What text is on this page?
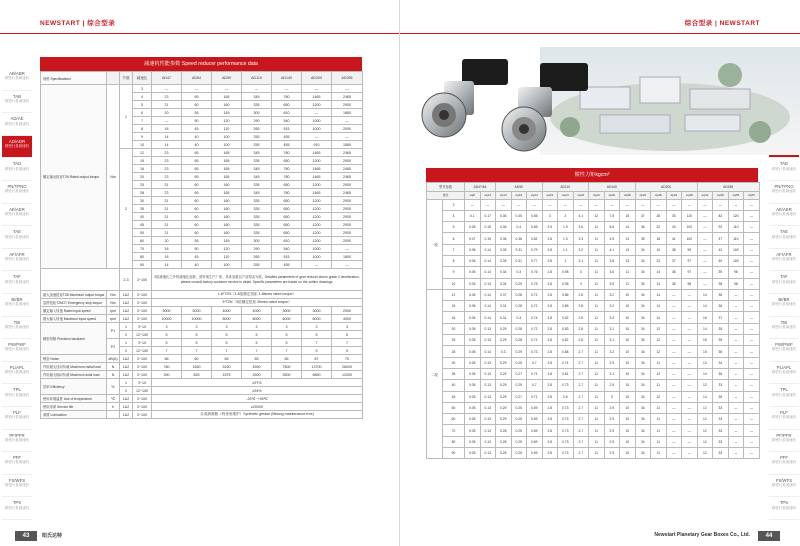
NEWSTART | 综合型录
AB/ABR
精密行星减速机
TAB
精密行星减速机
AD/AE
精密行星减速机
AD/ADR
精密行星减速机
TAD
精密行星减速机
PN/TPNO
精密行星减速机
AE/AER
精密行星减速机
TAE
精密行星减速机
AF/AFR
精密行星减速机
TAF
精密行星减速机
BI/BR
精密行星减速机
TBI
精密行星减速机
PW/PWF
精密行星减速机
PL/APL
精密行星减速机
TPL
精密行星减速机
PLF
精密行星减速机
PF/PFR
精密行星减速机
PFF
精密行星减速机
FS/WFS
精密行星减速机
TPS
精密行星减速机
减速机性能参数 Speed reducer performance data
规格 Specifications		节数	减速比	AD47	AD64	AD90	AD110	AD140	AD200	AD255
额定输出扭矩T2N Rated output torque	Nm	1	3	—	—	—	—	—	—	—
			4	23	65	165	345	780	1465	2465
			5	21	60	160	335	650	1200	2000
			6	20	55	145	300	610	—	1860
			7	—	50	120	290	540	1000	—
			8	18	45	110	265	515	1000	2000
			9	14	40	100	255	455	—	—
			10	14	40	100	255	455	910	1580
		2	12	23	65	165	345	780	1465	2465
			15	23	65	165	335	650	1200	2000
			16	23	65	165	345	780	1465	2465
			20	23	65	165	345	780	1465	2465
			25	21	60	160	335	650	1200	2000
			28	23	65	165	345	780	1465	2465
			30	21	60	160	335	650	1200	2000
			35	21	60	160	335	650	1200	2000
			40	21	60	160	335	650	1200	2000
			45	21	60	160	335	650	1200	2000
			50	21	60	160	335	650	1200	2000
			60	20	55	145	300	610	1200	2000
			70	18	50	120	290	540	1000	—
			80	18	45	110	265	515	1000	1800
			90	14	40	100	255	455	—	—
		2-3	3~100	3倍减速比之外的减速比参数，请咨询生产厂家。具体参数以产品型录为准。Detailed parameters of gear reducer above grade 3 deceleration, please consult factory customer service in detail. Specific parameters are based on the outline drawings.						
最大加速扭矩T2B Maximum output torque	Nm	1&2	3~100	1.8*T2N（1.8倍额定扭矩 1.8times rated torque）						
急停扭矩T2NOT Emergency stop torque	Nm	1&2	3~100	3*T2N（3倍额定扭矩 3times rated torque）						
额定输入转速 Rated input speed	rpm	1&2	3~100	5000	5000	4000	4000	3000	3000	2000
最大输入转速 Maximum input speed	rpm	1&2	3~100	10000	10000	8000	8000	6000	6000	4000
精密背隙 Precision backlash	P1	1	3~10	3	3	3	3	3	3	3
		2	12~100	5	5	5	5	5	5	5
	P2	1	3~10	5	5	5	5	5	7	7
		2	12~100	7	7	7	7	7	9	9
噪音 Noise	dB(A)	1&2	3~100	58	60	65	65	65	67	70
许用最大径向负载 Maximum radial load	N	1&2	3~100	780	1650	3150	4550	7800	13700	26000
许用最大轴向负载 Maximum axial load	N	1&2	3~100	390	825	1575	2500	3500	6850	12000
效率 Efficiency	%	1	3~10	≥97%						
		2	12~100	≥94%						
使用环境温度 Use of temperature	℃	1&2	3~100	-25℃~+90℃						
使用寿命 Service life	h	1&2	3~100	≥20000						
润滑 Lubrication		1&2	3~100	合成润滑脂（终身免维护）Synthetic grease (lifelong maintenance-free)						
43	纽氏达特
综合型录 | NEWSTART
TAD
精密行星减速机
PN/TPNO
精密行星减速机
AE/AER
精密行星减速机
TAE
精密行星减速机
AF/AFR
精密行星减速机
TAF
精密行星减速机
BI/BR
精密行星减速机
TBI
精密行星减速机
PW/PWF
精密行星减速机
PL/APL
精密行星减速机
TPL
精密行星减速机
PLF
精密行星减速机
PF/PFR
精密行星减速机
PFF
精密行星减速机
FS/WFS
精密行星减速机
TPS
精密行星减速机
惯性力矩kgcm²
型号参数		AD47/64		AD90			AD110			AD140			AD200				AD255			
速比		≤φ8	≤φ14	≤φ14	≤φ19	≤φ24	≤φ19	≤φ24	≤φ32	≤φ24	≤φ32	≤φ38	≤φ32	≤φ38	≤φ42	≤φ48	≤φ42	≤φ48	≤φ55	≤φ65
一段	3	—	—	—	—	—	—	—	—	—	—	—	—	—	—	—	—	—	—	—
	4	0.1	0.17	0.36	0.45	0.65	3	2	4.1	12	7.5	15	37	28	33	110	—	82	120	—
	5	0.08	0.15	0.36	0.4	0.65	2.9	1.9	3.6	11	5.6	14	36	22	44	100	—	92	110	—
	6	0.07	0.15	0.36	0.36	0.82	2.8	1.3	3.3	11	4.9	13	35	18	41	100	—	47	110	—
	7	0.06	0.14	0.35	0.31	0.79	2.8	1.1	3.2	11	4.1	13	34	10	38	99	—	42	100	—
	8	0.06	0.14	0.35	0.31	0.77	2.8	1	3.1	11	3.8	13	34	23	37	97	—	40	100	—
	9	0.06	0.14	0.34	0.3	0.76	2.8	0.98	3	11	3.6	11	34	14	36	97	—	39	98	—
	10	0.06	0.14	0.34	0.29	0.75	2.8	0.95	3	11	3.5	11	34	14	36	96	—	38	98	—
二段	12	0.06	0.14	0.37	0.28	0.72	2.8	0.86	2.8	11	3.2	10	34	14	—	—	14	36	—	—
	15	0.06	0.14	0.31	0.28	0.72	2.8	0.86	2.8	11	3.2	10	34	14	—	—	14	36	—	—
	16	0.06	0.14	0.31	0.3	0.74	2.8	0.92	2.8	11	3.3	10	34	14	—	—	16	37	—	—
	20	0.05	0.13	0.29	0.28	0.72	2.8	0.83	2.8	11	3.1	10	34	12	—	—	14	35	—	—
	25	0.05	0.13	0.29	0.28	0.71	2.8	0.82	2.8	11	3.1	10	34	12	—	—	15	35	—	—
	28	0.06	0.14	0.3	0.29	0.73	2.8	0.88	2.7	11	3.2	10	34	12	—	—	15	36	—	—
	30	0.05	0.13	0.29	0.25	0.7	2.8	0.74	2.7	11	2.9	10	34	11	—	—	13	34	—	—
	35	0.05	0.13	0.29	0.27	0.71	2.8	0.81	2.7	11	3.1	10	34	12	—	—	14	35	—	—
	40	0.05	0.13	0.29	0.25	0.7	2.8	0.73	2.7	11	2.9	10	34	11	—	—	12	33	—	—
	45	0.05	0.13	0.29	0.27	0.71	2.8	0.8	2.7	11	3	10	34	12	—	—	14	35	—	—
	50	0.05	0.13	0.29	0.25	0.69	2.8	0.73	2.7	11	2.9	10	34	11	—	—	12	33	—	—
	60	0.05	0.13	0.29	0.25	0.69	2.8	0.73	2.7	11	2.9	10	34	11	—	—	12	33	—	—
	70	0.05	0.13	0.28	0.25	0.69	2.8	0.73	2.7	11	2.9	10	34	11	—	—	12	33	—	—
	80	0.05	0.13	0.28	0.25	0.69	2.8	0.73	2.7	11	2.9	10	34	11	—	—	12	33	—	—
	90	0.05	0.13	0.28	0.25	0.69	2.8	0.73	2.7	11	2.9	10	34	11	—	—	12	33	—	—
Newstart Planetary Gear Boxes Co., Ltd.	44
